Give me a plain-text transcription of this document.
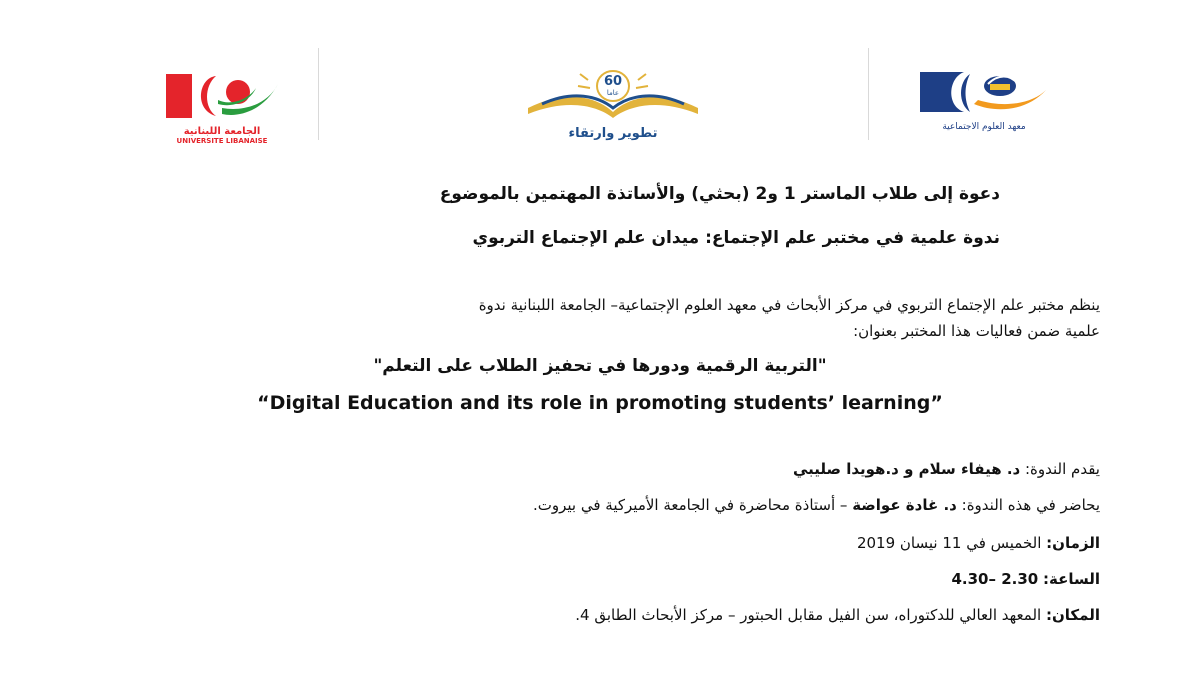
الجامعة اللبنانية
UNIVERSITE LIBANAISE
60
عاما
تطوير وارتقاء	معهد العلوم الاجتماعية
دعوة إلى طلاب الماستر 1 و2 (بحثي) والأساتذة المهتمين بالموضوع
ندوة علمية في مختبر علم الإجتماع: ميدان علم الإجتماع التربوي
ينظم مختبر علم الإجتماع التربوي في مركز الأبحاث في معهد العلوم الإجتماعية– الجامعة اللبنانية ندوة
علمية ضمن فعاليات هذا المختبر بعنوان:
"التربية الرقمية ودورها في تحفيز الطلاب على التعلم"
“Digital Education and its role in promoting students’ learning”
يقدم الندوة: د. هيفاء سلام و د.هويدا صليبي
يحاضر في هذه الندوة: د. غادة عواضة – أستاذة محاضرة في الجامعة الأميركية في بيروت.
الزمان: الخميس في 11 نيسان 2019
الساعة: 2.30 –4.30
المكان: المعهد العالي للدكتوراه، سن الفيل مقابل الحبتور – مركز الأبحاث الطابق 4.
